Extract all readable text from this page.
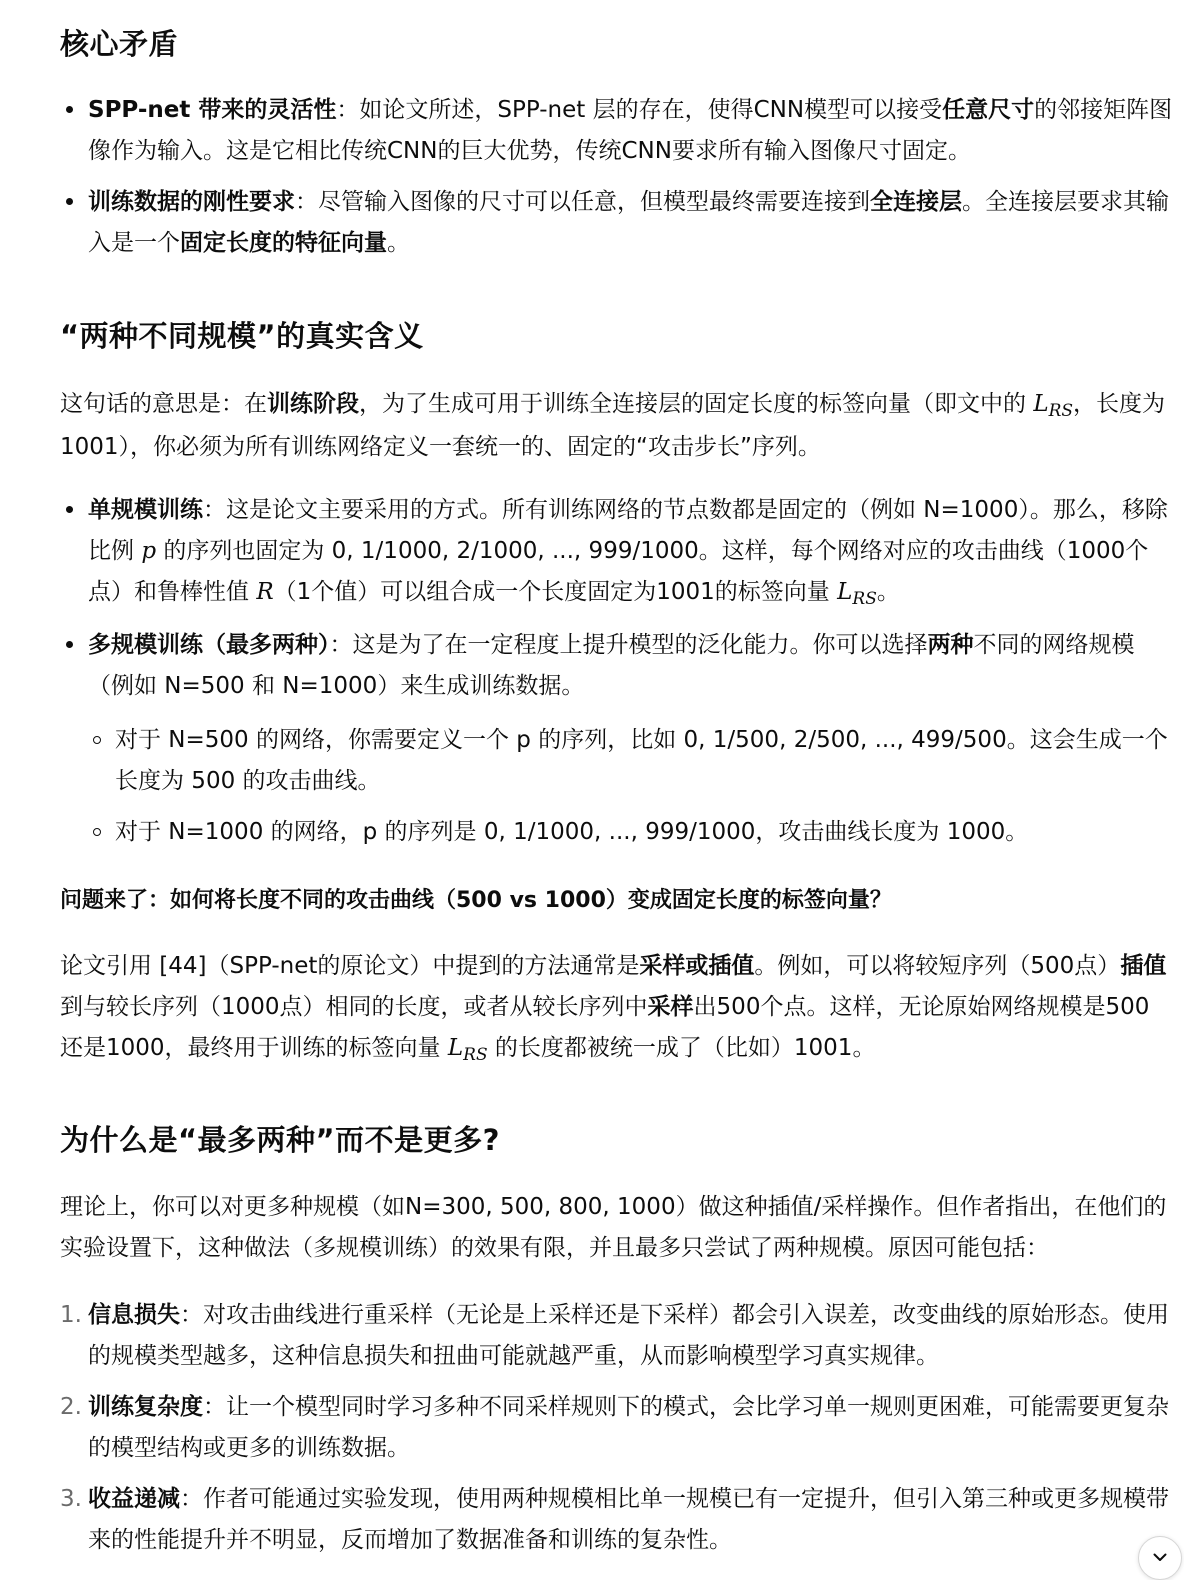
核心矛盾
SPP-net 带来的灵活性：如论文所述，SPP-net 层的存在，使得CNN模型可以接受任意尺寸的邻接矩阵图像作为输入。这是它相比传统CNN的巨大优势，传统CNN要求所有输入图像尺寸固定。
训练数据的刚性要求：尽管输入图像的尺寸可以任意，但模型最终需要连接到全连接层。全连接层要求其输入是一个固定长度的特征向量。
“两种不同规模”的真实含义

这句话的意思是：在训练阶段，为了生成可用于训练全连接层的固定长度的标签向量（即文中的 $L_{RS}$，长度为1001），你必须为所有训练网络定义一套统一的、固定的“攻击步长”序列。

单规模训练：这是论文主要采用的方式。所有训练网络的节点数都是固定的（例如 N=1000）。那么，移除比例 p 的序列也固定为 0, 1/1000, 2/1000, ..., 999/1000。这样，每个网络对应的攻击曲线（1000个点）和鲁棒性值 R（1个值）可以组合成一个长度固定为1001的标签向量 $L_{RS}$。
多规模训练（最多两种）：这是为了在一定程度上提升模型的泛化能力。你可以选择两种不同的网络规模（例如 N=500 和 N=1000）来生成训练数据。
对于 N=500 的网络，你需要定义一个 p 的序列，比如 0, 1/500, 2/500, ..., 499/500。这会生成一个长度为 500 的攻击曲线。
对于 N=1000 的网络，p 的序列是 0, 1/1000, ..., 999/1000，攻击曲线长度为 1000。

问题来了：如何将长度不同的攻击曲线（500 vs 1000）变成固定长度的标签向量？

论文引用 [44]（SPP-net的原论文）中提到的方法通常是采样或插值。例如，可以将较短序列（500点）插值到与较长序列（1000点）相同的长度，或者从较长序列中采样出500个点。这样，无论原始网络规模是500还是1000，最终用于训练的标签向量 $L_{RS}$ 的长度都被统一成了（比如）1001。

为什么是“最多两种”而不是更多?

理论上，你可以对更多种规模（如N=300, 500, 800, 1000）做这种插值/采样操作。但作者指出，在他们的实验设置下，这种做法（多规模训练）的效果有限，并且最多只尝试了两种规模。原因可能包括：

1. 信息损失：对攻击曲线进行重采样（无论是上采样还是下采样）都会引入误差，改变曲线的原始形态。使用的规模类型越多，这种信息损失和扭曲可能就越严重，从而影响模型学习真实规律。
2. 训练复杂度：让一个模型同时学习多种不同采样规则下的模式，会比学习单一规则更困难，可能需要更复杂的模型结构或更多的训练数据。
3. 收益递减：作者可能通过实验发现，使用两种规模相比单一规模已有一定提升，但引入第三种或更多规模带来的性能提升并不明显，反而增加了数据准备和训练的复杂性。
